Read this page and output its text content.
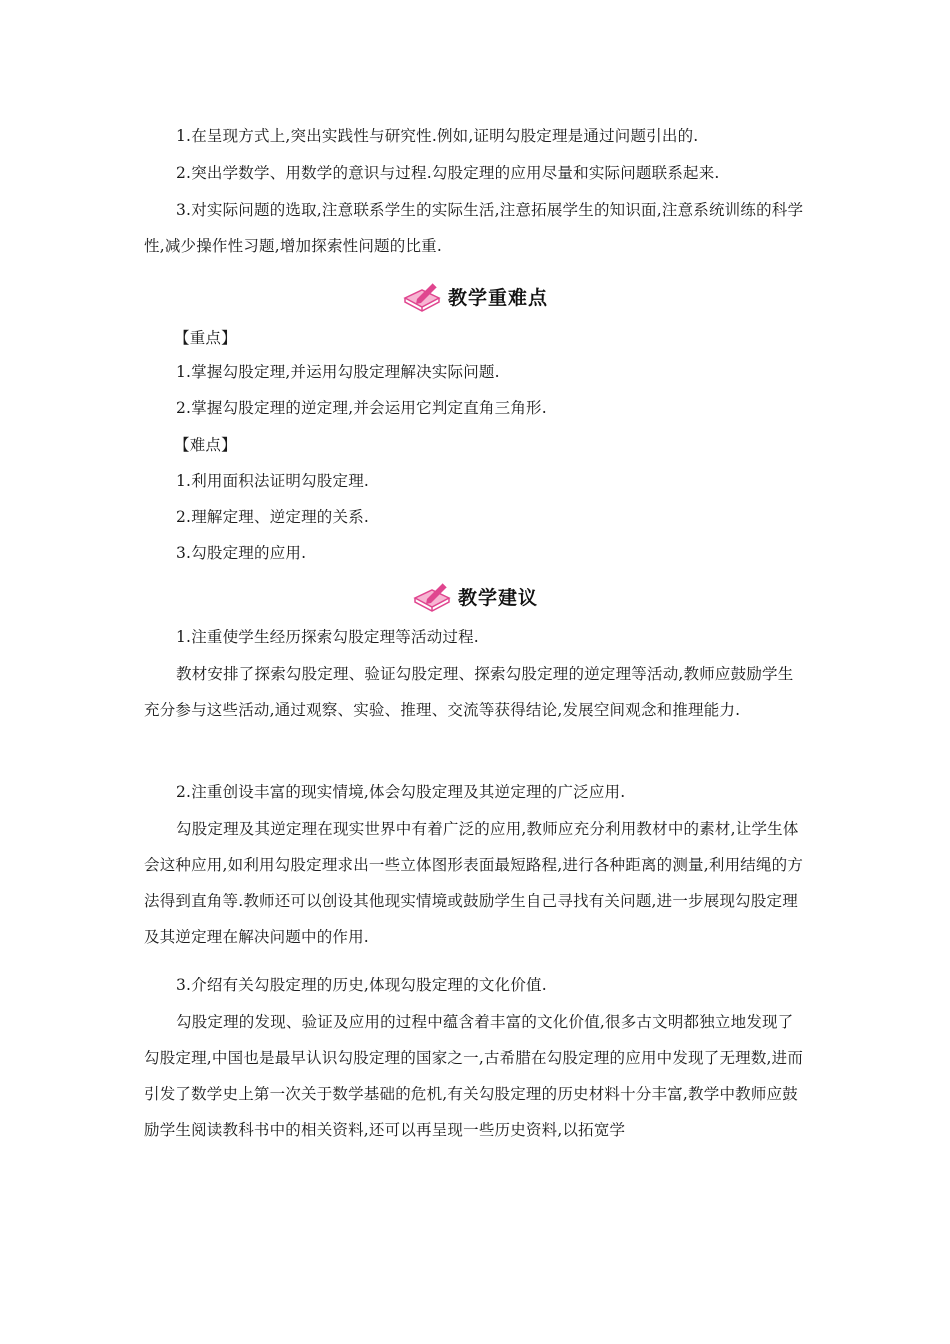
1.在呈现方式上,突出实践性与研究性.例如,证明勾股定理是通过问题引出的.

2.突出学数学、用数学的意识与过程.勾股定理的应用尽量和实际问题联系起来.

3.对实际问题的选取,注意联系学生的实际生活,注意拓展学生的知识面,注意系统训练的科学性,减少操作性习题,增加探索性问题的比重.

教学重难点

【重点】

1.掌握勾股定理,并运用勾股定理解决实际问题.

2.掌握勾股定理的逆定理,并会运用它判定直角三角形.

【难点】

1.利用面积法证明勾股定理.

2.理解定理、逆定理的关系.

3.勾股定理的应用.

教学建议

1.注重使学生经历探索勾股定理等活动过程.

教材安排了探索勾股定理、验证勾股定理、探索勾股定理的逆定理等活动,教师应鼓励学生充分参与这些活动,通过观察、实验、推理、交流等获得结论,发展空间观念和推理能力.

2.注重创设丰富的现实情境,体会勾股定理及其逆定理的广泛应用.

勾股定理及其逆定理在现实世界中有着广泛的应用,教师应充分利用教材中的素材,让学生体会这种应用,如利用勾股定理求出一些立体图形表面最短路程,进行各种距离的测量,利用结绳的方法得到直角等.教师还可以创设其他现实情境或鼓励学生自己寻找有关问题,进一步展现勾股定理及其逆定理在解决问题中的作用.

3.介绍有关勾股定理的历史,体现勾股定理的文化价值.

勾股定理的发现、验证及应用的过程中蕴含着丰富的文化价值,很多古文明都独立地发现了勾股定理,中国也是最早认识勾股定理的国家之一,古希腊在勾股定理的应用中发现了无理数,进而引发了数学史上第一次关于数学基础的危机,有关勾股定理的历史材料十分丰富,教学中教师应鼓励学生阅读教科书中的相关资料,还可以再呈现一些历史资料,以拓宽学
